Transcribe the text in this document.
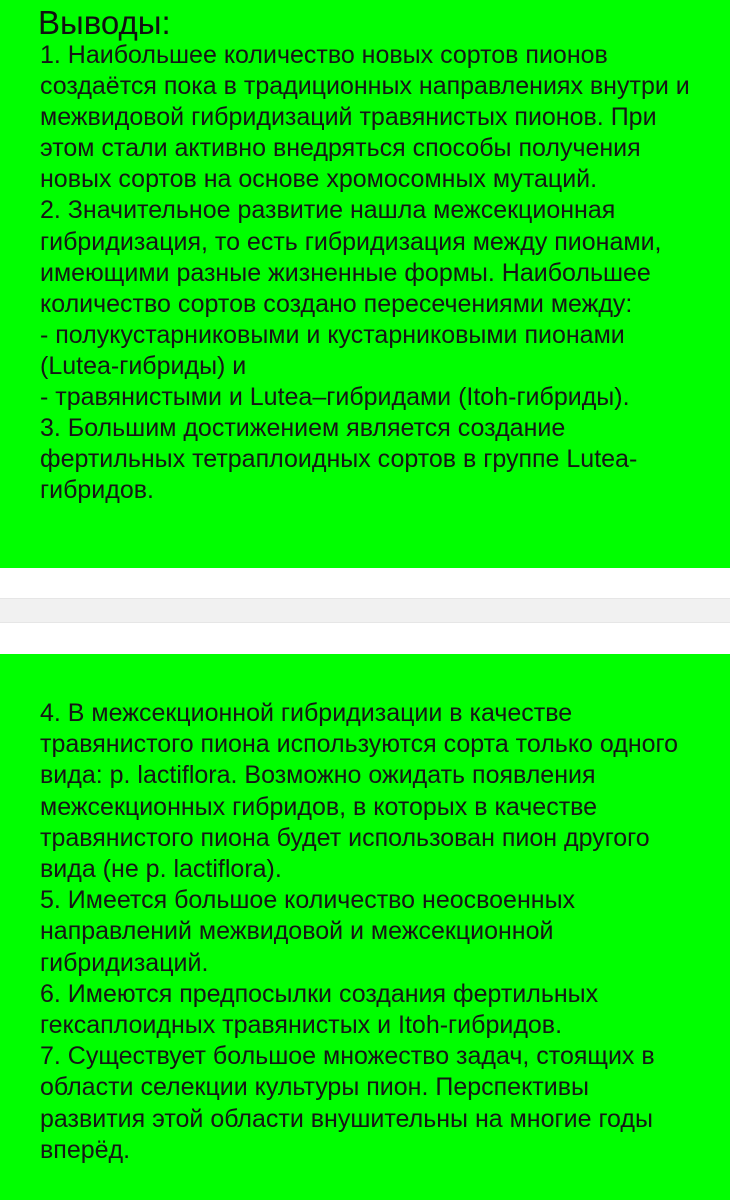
Выводы:
1. Наибольшее количество новых сортов пионов
создаётся пока в традиционных направлениях внутри и
межвидовой гибридизаций травянистых пионов. При
этом стали активно внедряться способы получения
новых сортов на основе хромосомных мутаций.
2. Значительное развитие нашла межсекционная
гибридизация, то есть гибридизация между пионами,
имеющими разные жизненные формы. Наибольшее
количество сортов создано пересечениями между:
- полукустарниковыми и кустарниковыми пионами
(Lutea-гибриды) и
- травянистыми и Lutea–гибридами (Itoh-гибриды).
3. Большим достижением является создание
фертильных тетраплоидных сортов в группе Lutea-
гибридов.
4. В межсекционной гибридизации в качестве
травянистого пиона используются сорта только одного
вида: p. lactiflora. Возможно ожидать появления
межсекционных гибридов, в которых в качестве
травянистого пиона будет использован пион другого
вида (не p. lactiflora).
5. Имеется большое количество неосвоенных
направлений межвидовой и межсекционной
гибридизаций.
6. Имеются предпосылки создания фертильных
гексаплоидных травянистых и Itoh-гибридов.
7. Существует большое множество задач, стоящих в
области селекции культуры пион. Перспективы
развития этой области внушительны на многие годы
вперёд.
